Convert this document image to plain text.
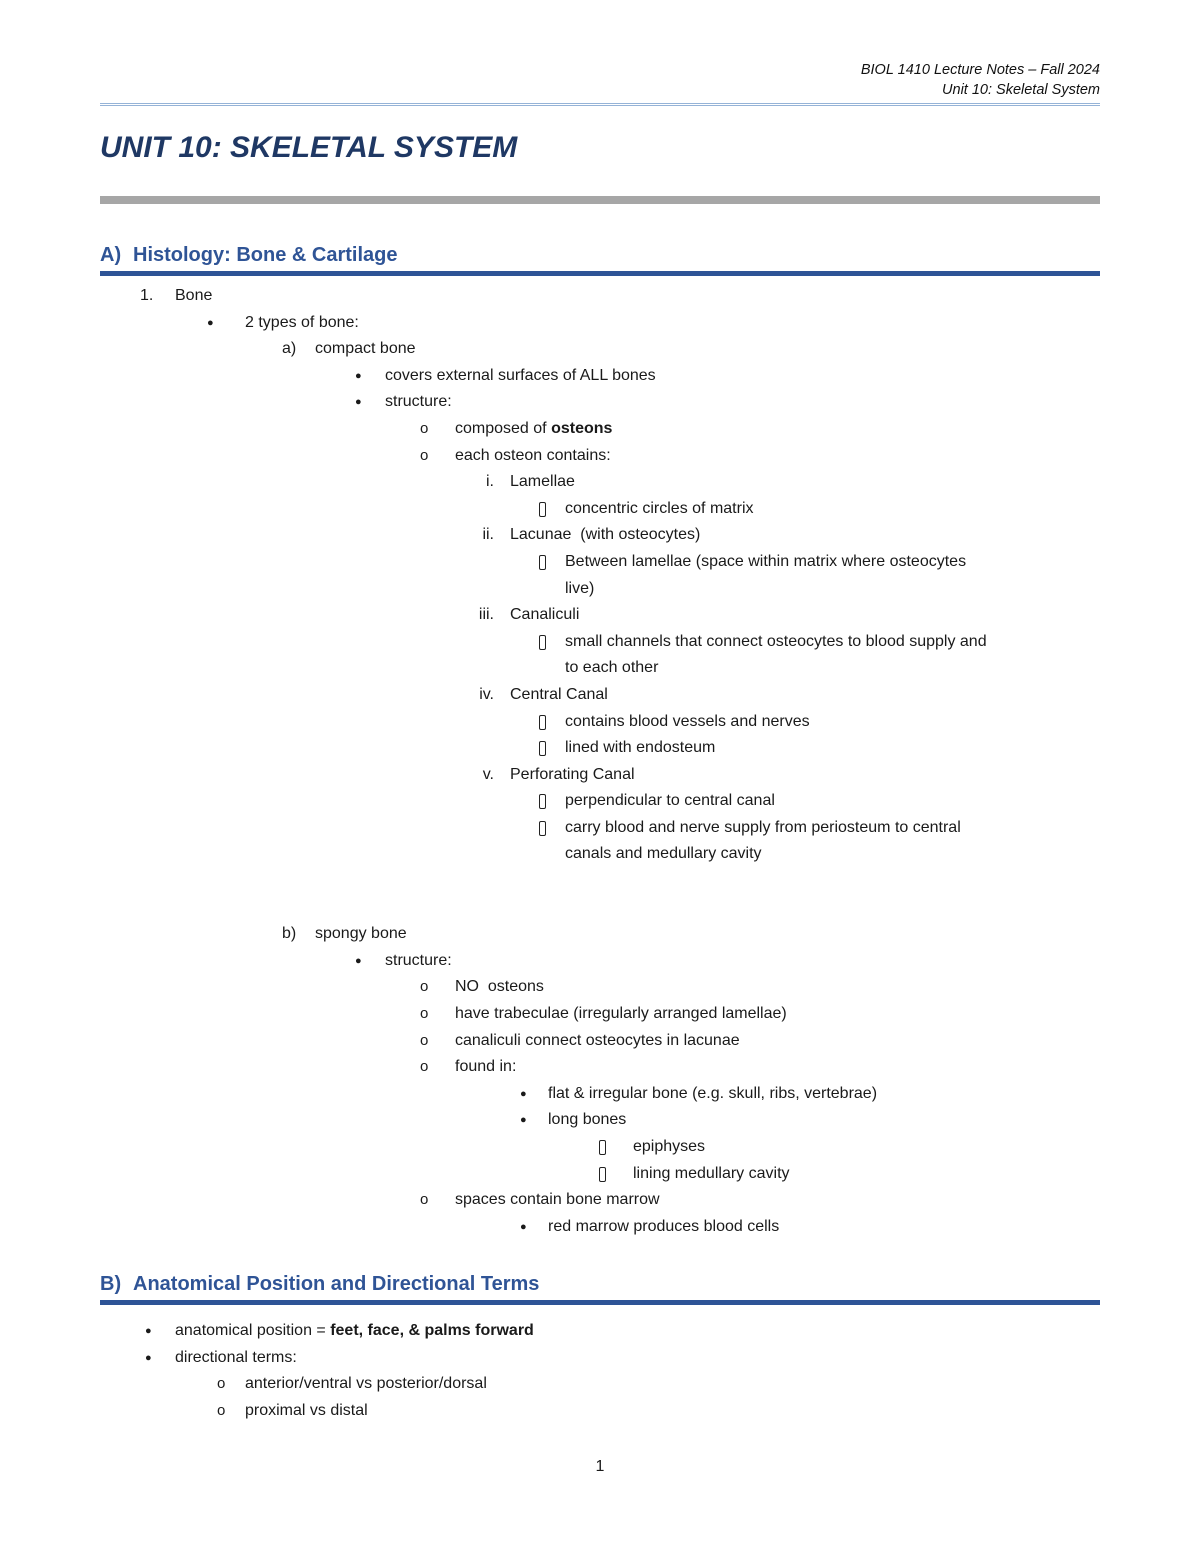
BIOL 1410 Lecture Notes – Fall 2024
Unit 10: Skeletal System
UNIT 10: SKELETAL SYSTEM
A) Histology: Bone & Cartilage
1. Bone
● 2 types of bone:
a) compact bone
● covers external surfaces of ALL bones
● structure:
o composed of osteons
o each osteon contains:
i. Lamellae
concentric circles of matrix
ii. Lacunae  (with osteocytes)
Between lamellae (space within matrix where osteocytes
live)
iii. Canaliculi
small channels that connect osteocytes to blood supply and
to each other
iv. Central Canal
contains blood vessels and nerves
lined with endosteum
v. Perforating Canal
perpendicular to central canal
carry blood and nerve supply from periosteum to central
canals and medullary cavity
b) spongy bone
● structure:
o NO  osteons
o have trabeculae (irregularly arranged lamellae)
o canaliculi connect osteocytes in lacunae
o found in:
● flat & irregular bone (e.g. skull, ribs, vertebrae)
● long bones
epiphyses
lining medullary cavity
o spaces contain bone marrow
● red marrow produces blood cells
B) Anatomical Position and Directional Terms
● anatomical position = feet, face, & palms forward
● directional terms:
o anterior/ventral vs posterior/dorsal
o proximal vs distal
1
